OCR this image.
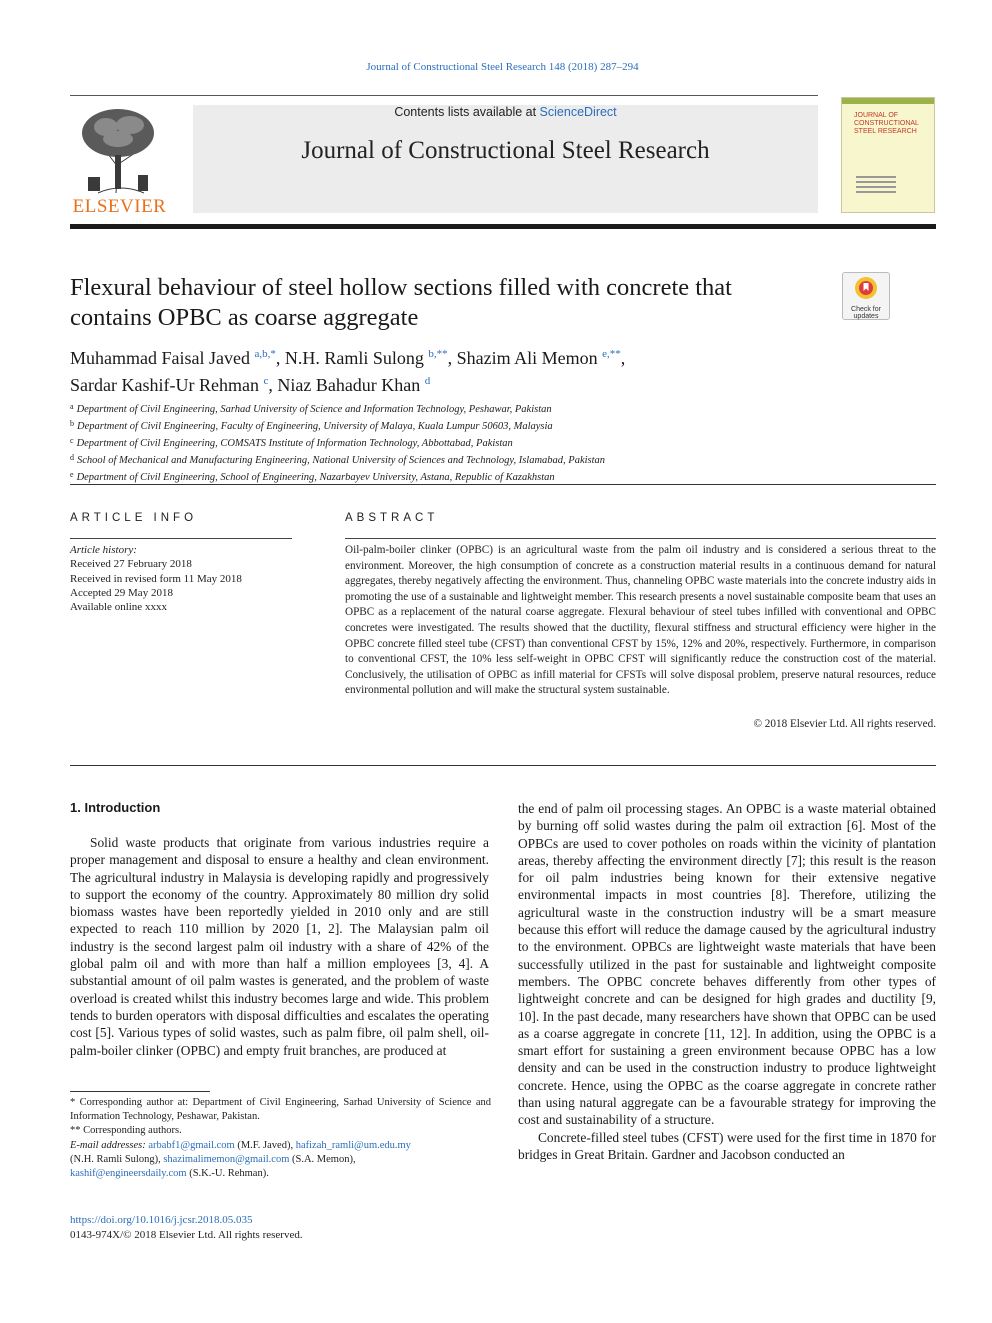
Journal of Constructional Steel Research 148 (2018) 287–294
ELSEVIER
Contents lists available at ScienceDirect
Journal of Constructional Steel Research
JOURNAL OF
CONSTRUCTIONAL
STEEL RESEARCH
Flexural behaviour of steel hollow sections filled with concrete that contains OPBC as coarse aggregate	Check for
updates
Muhammad Faisal Javed $^{a,b,*}$, N.H. Ramli Sulong $^{b,**}$, Shazim Ali Memon $^{e,**}$,
Sardar Kashif-Ur Rehman $^c$, Niaz Bahadur Khan $^d$
$^a$ Department of Civil Engineering, Sarhad University of Science and Information Technology, Peshawar, Pakistan
$^b$ Department of Civil Engineering, Faculty of Engineering, University of Malaya, Kuala Lumpur 50603, Malaysia
$^c$ Department of Civil Engineering, COMSATS Institute of Information Technology, Abbottabad, Pakistan
$^d$ School of Mechanical and Manufacturing Engineering, National University of Sciences and Technology, Islamabad, Pakistan
$^e$ Department of Civil Engineering, School of Engineering, Nazarbayev University, Astana, Republic of Kazakhstan
ARTICLE INFO
Article history:
Received 27 February 2018
Received in revised form 11 May 2018
Accepted 29 May 2018
Available online xxxx
ABSTRACT
Oil-palm-boiler clinker (OPBC) is an agricultural waste from the palm oil industry and is considered a serious threat to the environment. Moreover, the high consumption of concrete as a construction material results in a continuous demand for natural aggregates, thereby negatively affecting the environment. Thus, channeling OPBC waste materials into the concrete industry aids in promoting the use of a sustainable and lightweight member. This research presents a novel sustainable composite beam that uses an OPBC as a replacement of the natural coarse aggregate. Flexural behaviour of steel tubes infilled with conventional and OPBC concretes were investigated. The results showed that the ductility, flexural stiffness and structural efficiency were higher in the OPBC concrete filled steel tube (CFST) than conventional CFST by 15%, 12% and 20%, respectively. Furthermore, in comparison to conventional CFST, the 10% less self-weight in OPBC CFST will significantly reduce the construction cost of the material. Conclusively, the utilisation of OPBC as infill material for CFSTs will solve disposal problem, preserve natural resources, reduce environmental pollution and will make the structural system sustainable.
© 2018 Elsevier Ltd. All rights reserved.
1. Introduction

Solid waste products that originate from various industries require a proper management and disposal to ensure a healthy and clean environment. The agricultural industry in Malaysia is developing rapidly and progressively to support the economy of the country. Approximately 80 million dry solid biomass wastes have been reportedly yielded in 2010 only and are still expected to reach 110 million by 2020 [1, 2]. The Malaysian palm oil industry is the second largest palm oil industry with a share of 42% of the global palm oil and with more than half a million employees [3, 4]. A substantial amount of oil palm wastes is generated, and the problem of waste overload is created whilst this industry becomes large and wide. This problem tends to burden operators with disposal difficulties and escalates the operating cost [5]. Various types of solid wastes, such as palm fibre, oil palm shell, oil-palm-boiler clinker (OPBC) and empty fruit branches, are produced at

the end of palm oil processing stages. An OPBC is a waste material obtained by burning off solid wastes during the palm oil extraction [6]. Most of the OPBCs are used to cover potholes on roads within the vicinity of plantation areas, thereby affecting the environment directly [7]; this result is the reason for oil palm industries being known for their extensive negative environmental impacts in most countries [8]. Therefore, utilizing the agricultural waste in the construction industry will be a smart measure because this effort will reduce the damage caused by the agricultural industry to the environment. OPBCs are lightweight waste materials that have been successfully utilized in the past for sustainable and lightweight composite members. The OPBC concrete behaves differently from other types of lightweight concrete and can be designed for high grades and ductility [9, 10]. In the past decade, many researchers have shown that OPBC can be used as a coarse aggregate in concrete [11, 12]. In addition, using the OPBC is a smart effort for sustaining a green environment because OPBC has a low density and can be used in the construction industry to produce lightweight concrete. Hence, using the OPBC as the coarse aggregate in concrete rather than using natural aggregate can be a favourable strategy for improving the cost and sustainability of a structure.

Concrete-filled steel tubes (CFST) were used for the first time in 1870 for bridges in Great Britain. Gardner and Jacobson conducted an

* Corresponding author at: Department of Civil Engineering, Sarhad University of Science and Information Technology, Peshawar, Pakistan.
** Corresponding authors.
E-mail addresses: arbabf1@gmail.com (M.F. Javed), hafizah_ramli@um.edu.my
(N.H. Ramli Sulong), shazimalimemon@gmail.com (S.A. Memon),
kashif@engineersdaily.com (S.K.-U. Rehman).
https://doi.org/10.1016/j.jcsr.2018.05.035
0143-974X/© 2018 Elsevier Ltd. All rights reserved.
